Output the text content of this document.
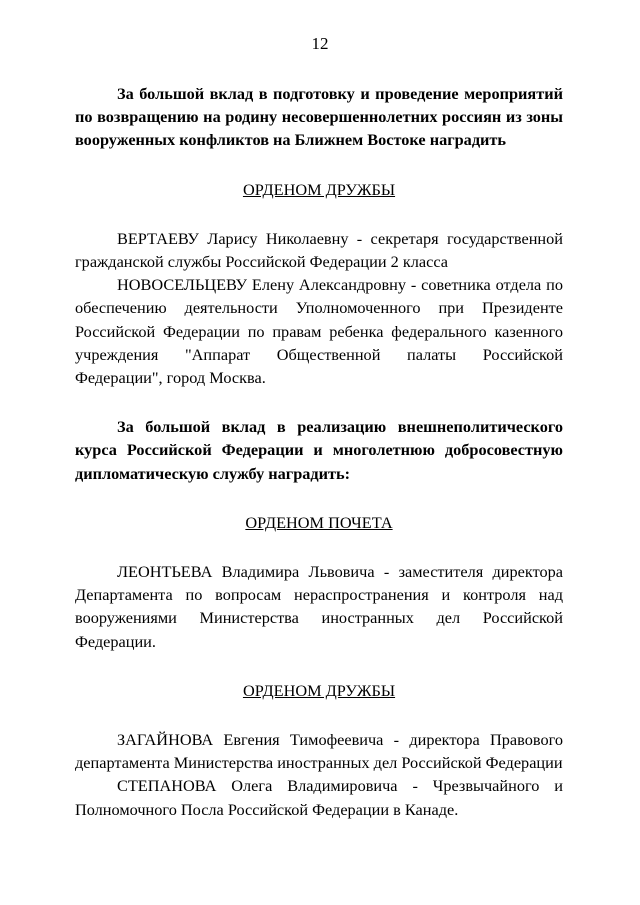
12

За большой вклад в подготовку и проведение мероприятий по возвращению на родину несовершеннолетних россиян из зоны вооруженных конфликтов на Ближнем Востоке наградить

ОРДЕНОМ ДРУЖБЫ

ВЕРТАЕВУ Ларису Николаевну - секретаря государственной гражданской службы Российской Федерации 2 класса

НОВОСЕЛЬЦЕВУ Елену Александровну - советника отдела по обеспечению деятельности Уполномоченного при Президенте Российской Федерации по правам ребенка федерального казенного учреждения "Аппарат Общественной палаты Российской Федерации", город Москва.

За большой вклад в реализацию внешнеполитического курса Российской Федерации и многолетнюю добросовестную дипломатическую службу наградить:

ОРДЕНОМ ПОЧЕТА

ЛЕОНТЬЕВА Владимира Львовича - заместителя директора Департамента по вопросам нераспространения и контроля над вооружениями Министерства иностранных дел Российской Федерации.

ОРДЕНОМ ДРУЖБЫ

ЗАГАЙНОВА Евгения Тимофеевича - директора Правового департамента Министерства иностранных дел Российской Федерации

СТЕПАНОВА Олега Владимировича - Чрезвычайного и Полномочного Посла Российской Федерации в Канаде.
